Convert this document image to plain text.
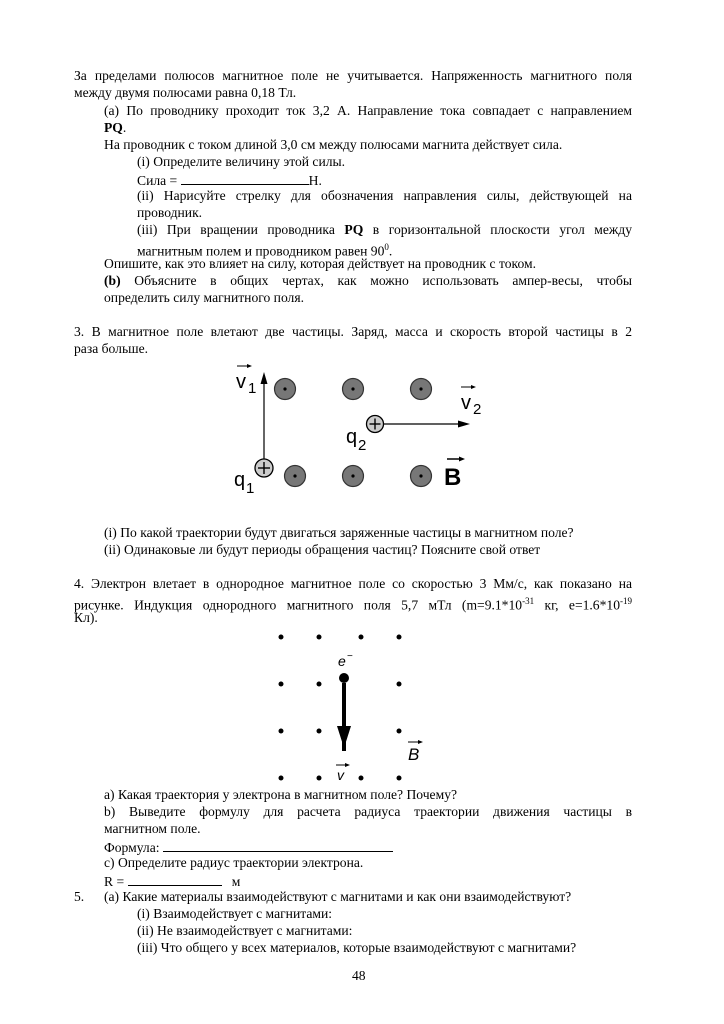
За пределами полюсов магнитное поле не учитывается. Напряженность магнитного поля
между двумя полюсами равна 0,18 Тл.
(a) По проводнику проходит ток 3,2 А. Направление тока совпадает с направлением
PQ.
На проводник с током длиной 3,0 см между полюсами магнита действует сила.
(i) Определите величину этой силы.
Сила =	Н.
(ii) Нарисуйте стрелку для обозначения направления силы, действующей на
проводник.
(iii) При вращении проводника PQ в горизонтальной плоскости угол между
магнитным полем и проводником равен $90^0$.
Опишите, как это влияет на силу, которая действует на проводник с током.
(b) Объясните в общих чертах, как можно использовать ампер-весы, чтобы
определить силу магнитного поля.
3. В магнитное поле влетают две частицы. Заряд, масса и скорость второй частицы в 2
раза больше.
v 1
v 2
q 1
q 2
B
(i) По какой траектории будут двигаться заряженные частицы в магнитном поле?
(ii) Одинаковые ли будут периоды обращения частиц? Поясните свой ответ
4. Электрон влетает в однородное магнитное поле со скоростью 3 Мм/с, как показано на
рисунке. Индукция однородного магнитного поля 5,7 мТл ($m=9.1*10^{-31}$ кг, $e=1.6*10^{-19}$
Кл).
e −
v
B
a) Какая траектория у электрона в магнитном поле? Почему?
b) Выведите формулу для расчета радиуса траектории движения частицы в
магнитном поле.
Формула:
c) Определите радиус траектории электрона.
R =	м
5. (a) Какие материалы взаимодействуют с магнитами и как они взаимодействуют?
(i) Взаимодействует с магнитами:
(ii) Не взаимодействует с магнитами:
(iii) Что общего у всех материалов, которые взаимодействуют с магнитами?
48
